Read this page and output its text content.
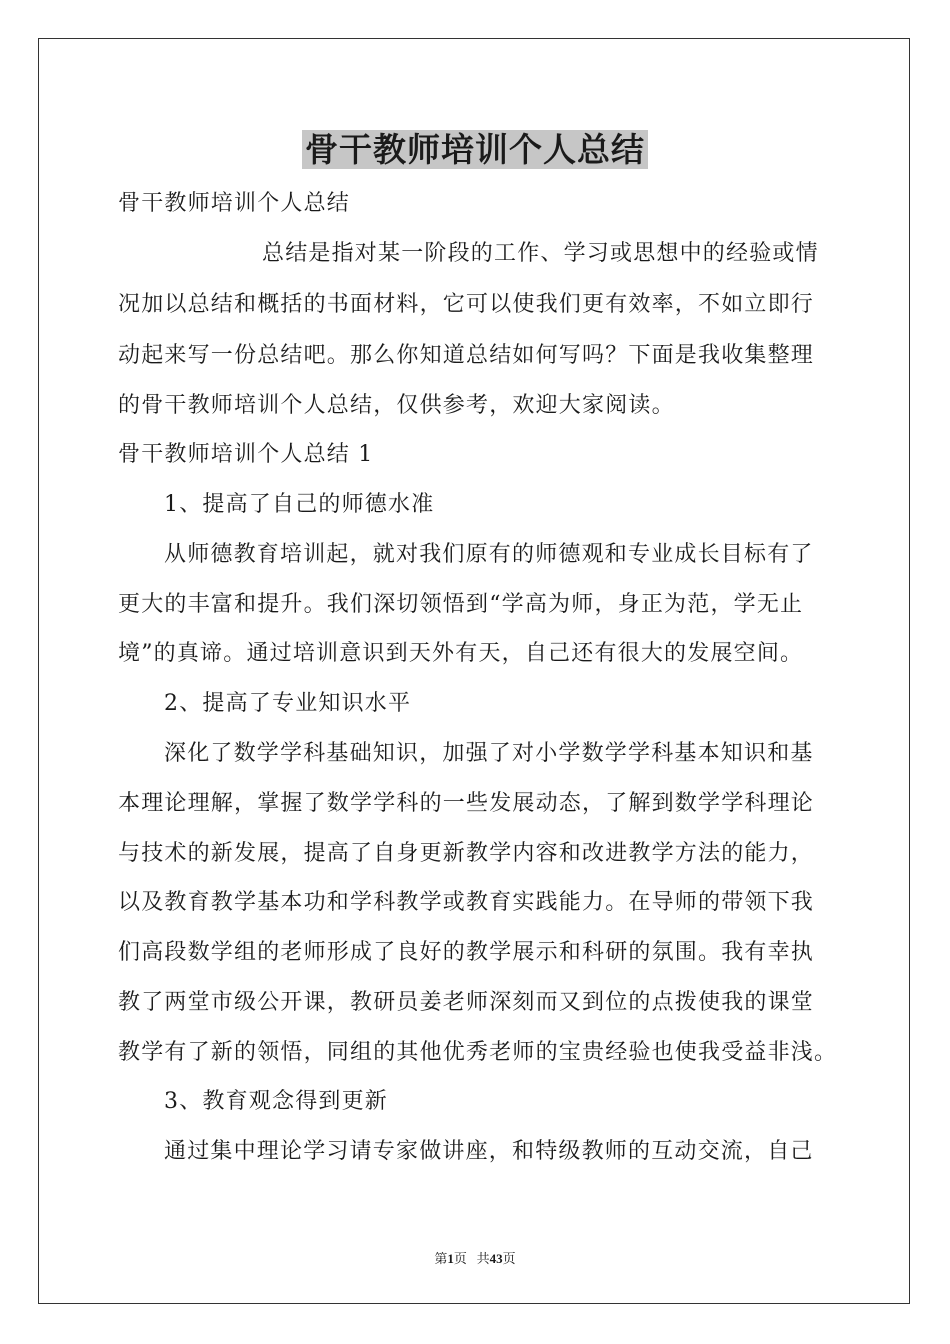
骨干教师培训个人总结
骨干教师培训个人总结
总结是指对某一阶段的工作、学习或思想中的经验或情
况加以总结和概括的书面材料，它可以使我们更有效率，不如立即行
动起来写一份总结吧。那么你知道总结如何写吗？下面是我收集整理
的骨干教师培训个人总结，仅供参考，欢迎大家阅读。
骨干教师培训个人总结 1
1、提高了自己的师德水准
从师德教育培训起，就对我们原有的师德观和专业成长目标有了
更大的丰富和提升。我们深切领悟到“学高为师，身正为范，学无止
境”的真谛。通过培训意识到天外有天，自己还有很大的发展空间。
2、提高了专业知识水平
深化了数学学科基础知识，加强了对小学数学学科基本知识和基
本理论理解，掌握了数学学科的一些发展动态，了解到数学学科理论
与技术的新发展，提高了自身更新教学内容和改进教学方法的能力，
以及教育教学基本功和学科教学或教育实践能力。在导师的带领下我
们高段数学组的老师形成了良好的教学展示和科研的氛围。我有幸执
教了两堂市级公开课，教研员姜老师深刻而又到位的点拨使我的课堂
教学有了新的领悟，同组的其他优秀老师的宝贵经验也使我受益非浅。
3、教育观念得到更新
通过集中理论学习请专家做讲座，和特级教师的互动交流，自己
第1页   共43页
